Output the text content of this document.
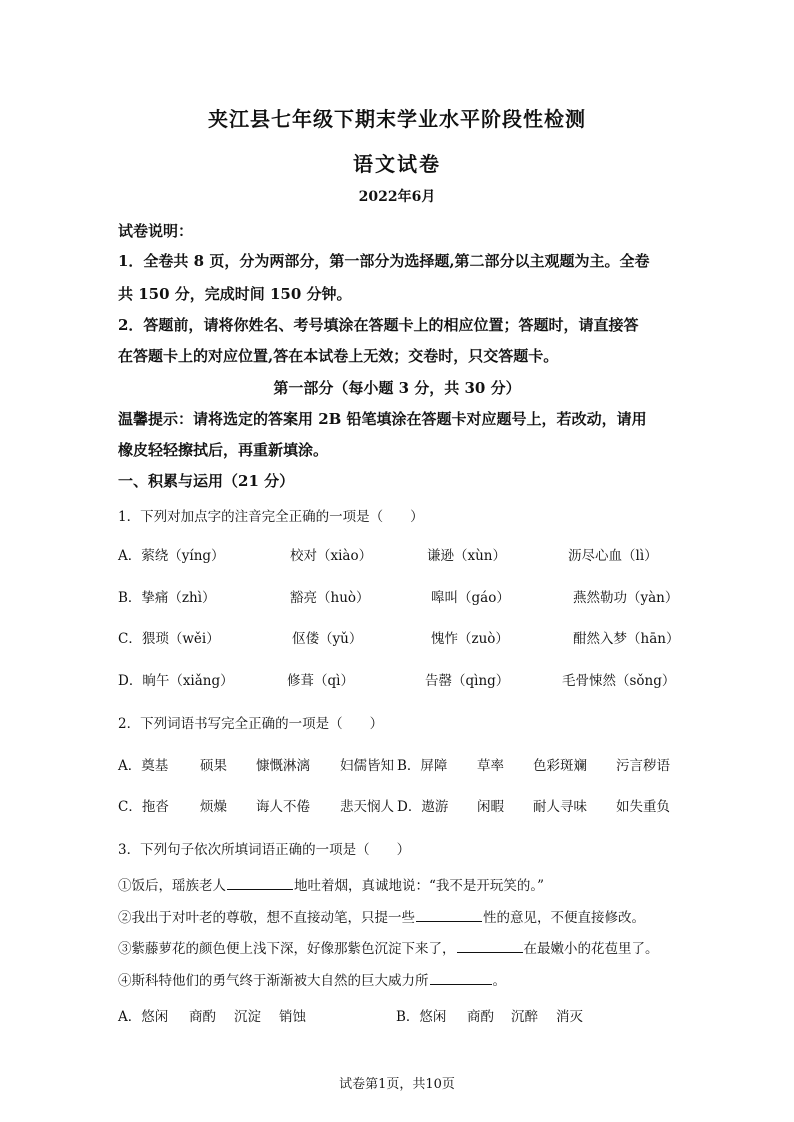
夹江县七年级下期末学业水平阶段性检测
语文试卷
2022年6月
试卷说明：
1．全卷共 8 页，分为两部分，第一部分为选择题,第二部分以主观题为主。全卷
共 150 分，完成时间 150 分钟。
2．答题前，请将你姓名、考号填涂在答题卡上的相应位置；答题时，请直接答
在答题卡上的对应位置,答在本试卷上无效；交卷时，只交答题卡。
第一部分（每小题 3 分，共 30 分）
温馨提示：请将选定的答案用 2B 铅笔填涂在答题卡对应题号上，若改动，请用
橡皮轻轻擦拭后，再重新填涂。
一、积累与运用（21 分）
1．下列对加点字的注音完全正确的一项是（　　）
A．萦绕（yíng）	校对（xiào）	谦逊（xùn）	沥尽心血（lì）
B．挚痛（zhì）	豁亮（huò）	嗥叫（gáo）	燕然勒功（yàn）
C．猥琐（wěi）	伛偻（yǔ）	愧怍（zuò）	酣然入梦（hān）
D．晌午（xiǎng）	修葺（qì）	告罄（qìng）	毛骨悚然（sǒng）
2．下列词语书写完全正确的一项是（　　）
A．奠基 硕果 慷慨淋漓 妇儒皆知 B．屏障 草率 色彩斑斓 污言秽语
C．拖沓 烦燥 诲人不倦 悲天悯人 D．遨游 闲暇 耐人寻味 如失重负
3．下列句子依次所填词语正确的一项是（　　）
①饭后，瑶族老人	地吐着烟，真诚地说：“我不是开玩笑的。”
②我出于对叶老的尊敬，想不直接动笔，只提一些	性的意见，不便直接修改。
③紫藤萝花的颜色便上浅下深，好像那紫色沉淀下来了，	在最嫩小的花苞里了。
④斯科特他们的勇气终于渐渐被大自然的巨大威力所	。
A．悠闲 商酌 沉淀 销蚀	B．悠闲 商酌 沉醉 消灭
试卷第1页，共10页
